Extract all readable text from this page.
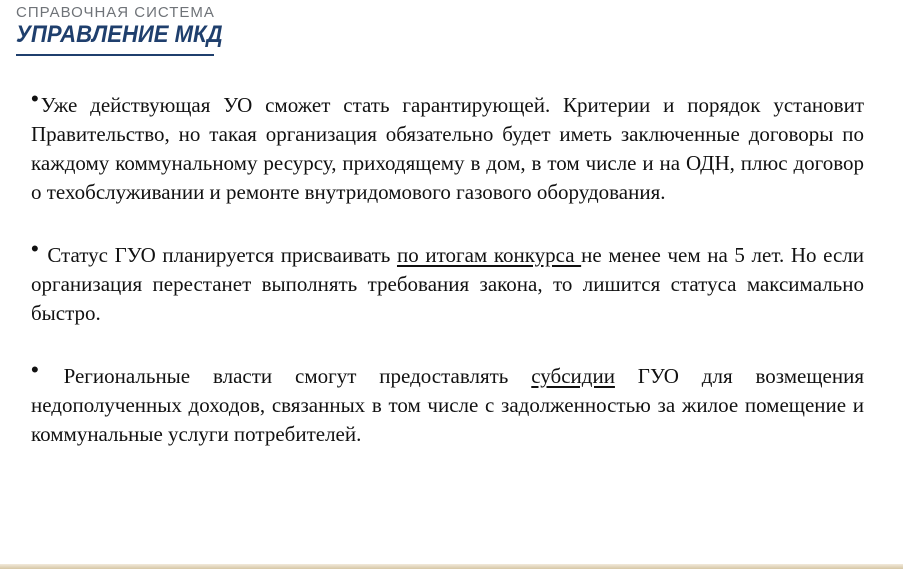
СПРАВОЧНАЯ СИСТЕМА
УПРАВЛЕНИЕ МКД

•Уже действующая УО сможет стать гарантирующей. Критерии и порядок установит Правительство, но такая организация обязательно будет иметь заключенные договоры по каждому коммунальному ресурсу, приходящему в дом, в том числе и на ОДН, плюс договор о техобслуживании и ремонте внутридомового газового оборудования.

• Статус ГУО планируется присваивать по итогам конкурса не менее чем на 5 лет. Но если организация перестанет выполнять требования закона, то лишится статуса максимально быстро.

• Региональные власти смогут предоставлять субсидии ГУО для возмещения недополученных доходов, связанных в том числе с задолженностью за жилое помещение и коммунальные услуги потребителей.
